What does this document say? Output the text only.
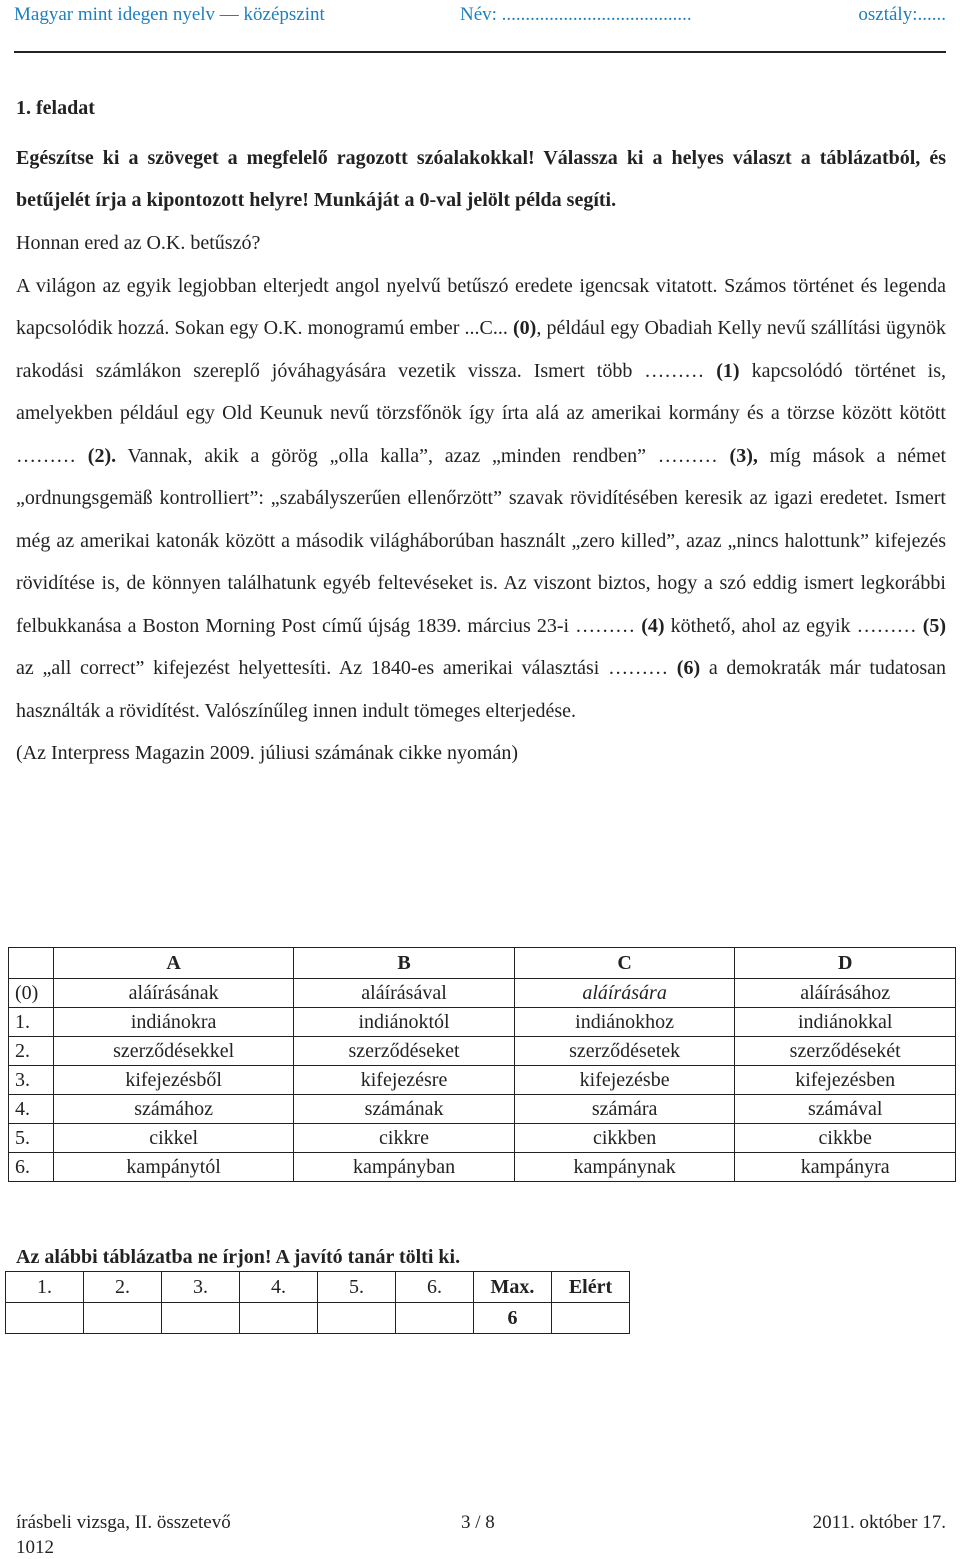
Magyar mint idegen nyelv — középszint	Név: ........................................	osztály:......
1. feladat
Egészítse ki a szöveget a megfelelő ragozott szóalakokkal! Válassza ki a helyes választ a táblázatból, és betűjelét írja a kipontozott helyre! Munkáját a 0-val jelölt példa segíti.

Honnan ered az O.K. betűszó?
A világon az egyik legjobban elterjedt angol nyelvű betűszó eredete igencsak vitatott. Számos történet és legenda kapcsolódik hozzá. Sokan egy O.K. monogramú ember ...C... (0), például egy Obadiah Kelly nevű szállítási ügynök rakodási számlákon szereplő jóváhagyására vezetik vissza. Ismert több ……… (1) kapcsolódó történet is, amelyekben például egy Old Keunuk nevű törzsfőnök így írta alá az amerikai kormány és a törzse között kötött ……… (2). Vannak, akik a görög „olla kalla”, azaz „minden rendben” ……… (3), míg mások a német „ordnungsgemäß kontrolliert”: „szabályszerűen ellenőrzött” szavak rövidítésében keresik az igazi eredetet. Ismert még az amerikai katonák között a második világháborúban használt „zero killed”, azaz „nincs halottunk” kifejezés rövidítése is, de könnyen találhatunk egyéb feltevéseket is. Az viszont biztos, hogy a szó eddig ismert legkorábbi felbukkanása a Boston Morning Post című újság 1839. március 23-i ……… (4) köthető, ahol az egyik ……… (5) az „all correct” kifejezést helyettesíti. Az 1840-es amerikai választási ……… (6) a demokraták már tudatosan használták a rövidítést. Valószínűleg innen indult tömeges elterjedése.
(Az Interpress Magazin 2009. júliusi számának cikke nyomán)

	A	B	C	D
(0)	aláírásának	aláírásával	aláírására	aláírásához
1.	indiánokra	indiánoktól	indiánokhoz	indiánokkal
2.	szerződésekkel	szerződéseket	szerződésetek	szerződésekét
3.	kifejezésből	kifejezésre	kifejezésbe	kifejezésben
4.	számához	számának	számára	számával
5.	cikkel	cikkre	cikkben	cikkbe
6.	kampánytól	kampányban	kampánynak	kampányra
Az alábbi táblázatba ne írjon! A javító tanár tölti ki.
1.	2.	3.	4.	5.	6.	Max.	Elért
						6	
írásbeli vizsga, II. összetevő	3 / 8	2011. október 17.
1012
